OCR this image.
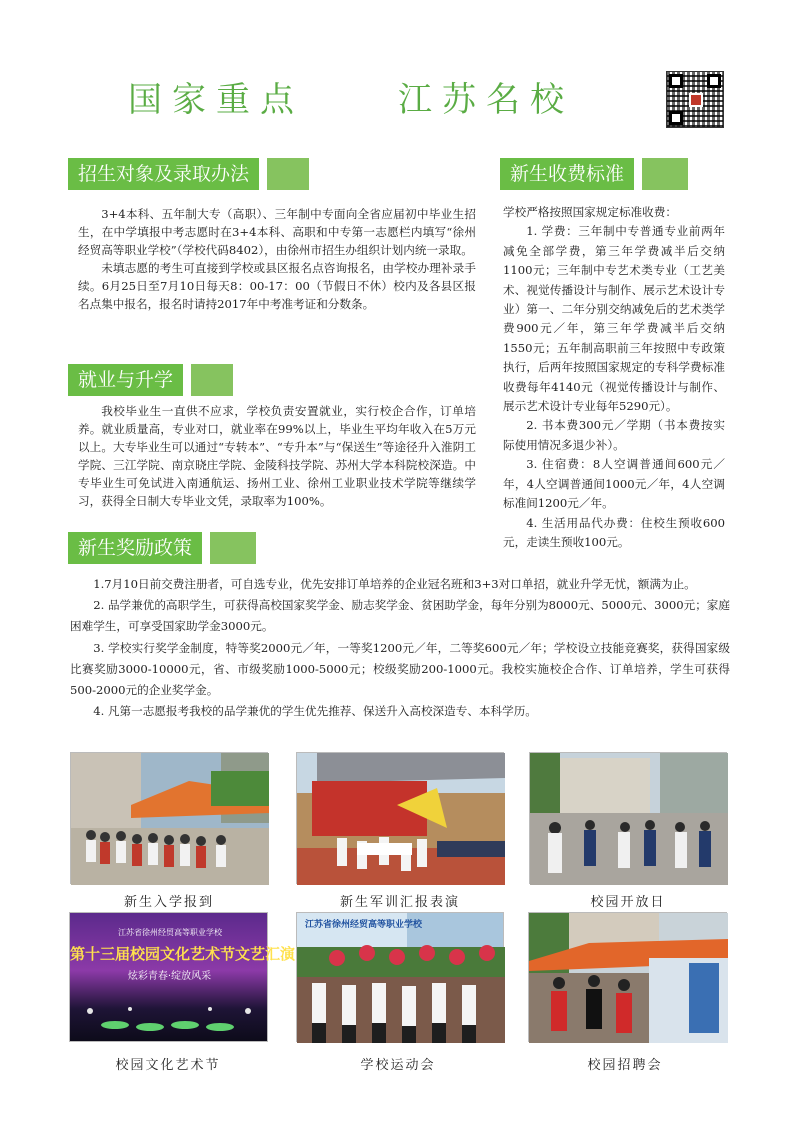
国家重点	江苏名校
招生对象及录取办法

3+4本科、五年制大专（高职）、三年制中专面向全省应届初中毕业生招生，在中学填报中考志愿时在3+4本科、高职和中专第一志愿栏内填写“徐州经贸高等职业学校”（学校代码8402），由徐州市招生办组织计划内统一录取。

未填志愿的考生可直接到学校或县区报名点咨询报名，由学校办理补录手续。6月25日至7月10日每天8：00-17：00（节假日不休）校内及各县区报名点集中报名，报名时请持2017年中考准考证和分数条。

就业与升学

我校毕业生一直供不应求，学校负责安置就业，实行校企合作，订单培养。就业质量高，专业对口，就业率在99%以上，毕业生平均年收入在5万元以上。大专毕业生可以通过“专转本”、“专升本”与“保送生”等途径升入淮阴工学院、三江学院、南京晓庄学院、金陵科技学院、苏州大学本科院校深造。中专毕业生可免试进入南通航运、扬州工业、徐州工业职业技术学院等继续学习，获得全日制大专毕业文凭，录取率为100%。

新生收费标准

学校严格按照国家规定标准收费：

1. 学费：三年制中专普通专业前两年减免全部学费，第三年学费减半后交纳1100元；三年制中专艺术类专业（工艺美术、视觉传播设计与制作、展示艺术设计专业）第一、二年分别交纳减免后的艺术类学费900元／年，第三年学费减半后交纳1550元；五年制高职前三年按照中专政策执行，后两年按照国家规定的专科学费标准收费每年4140元（视觉传播设计与制作、展示艺术设计专业每年5290元）。

2. 书本费300元／学期（书本费按实际使用情况多退少补）。

3. 住宿费：8人空调普通间600元／年，4人空调普通间1000元／年，4人空调标准间1200元／年。

4. 生活用品代办费：住校生预收600元，走读生预收100元。

新生奖励政策

1.7月10日前交费注册者，可自选专业，优先安排订单培养的企业冠名班和3+3对口单招，就业升学无忧，额满为止。

2. 品学兼优的高职学生，可获得高校国家奖学金、励志奖学金、贫困助学金，每年分别为8000元、5000元、3000元；家庭困难学生，可享受国家助学金3000元。

3. 学校实行奖学金制度，特等奖2000元／年，一等奖1200元／年，二等奖600元／年；学校设立技能竞赛奖，获得国家级比赛奖励3000-10000元，省、市级奖励1000-5000元；校级奖励200-1000元。我校实施校企合作、订单培养，学生可获得500-2000元的企业奖学金。

4. 凡第一志愿报考我校的品学兼优的学生优先推荐、保送升入高校深造专、本科学历。

新生入学报到	新生军训汇报表演	校园开放日
江苏省徐州经贸高等职业学校
第十三届校园文化艺术节文艺汇演
炫彩青春·绽放风采
江苏省徐州经贸高等职业学校
校园文化艺术节	学校运动会	校园招聘会
